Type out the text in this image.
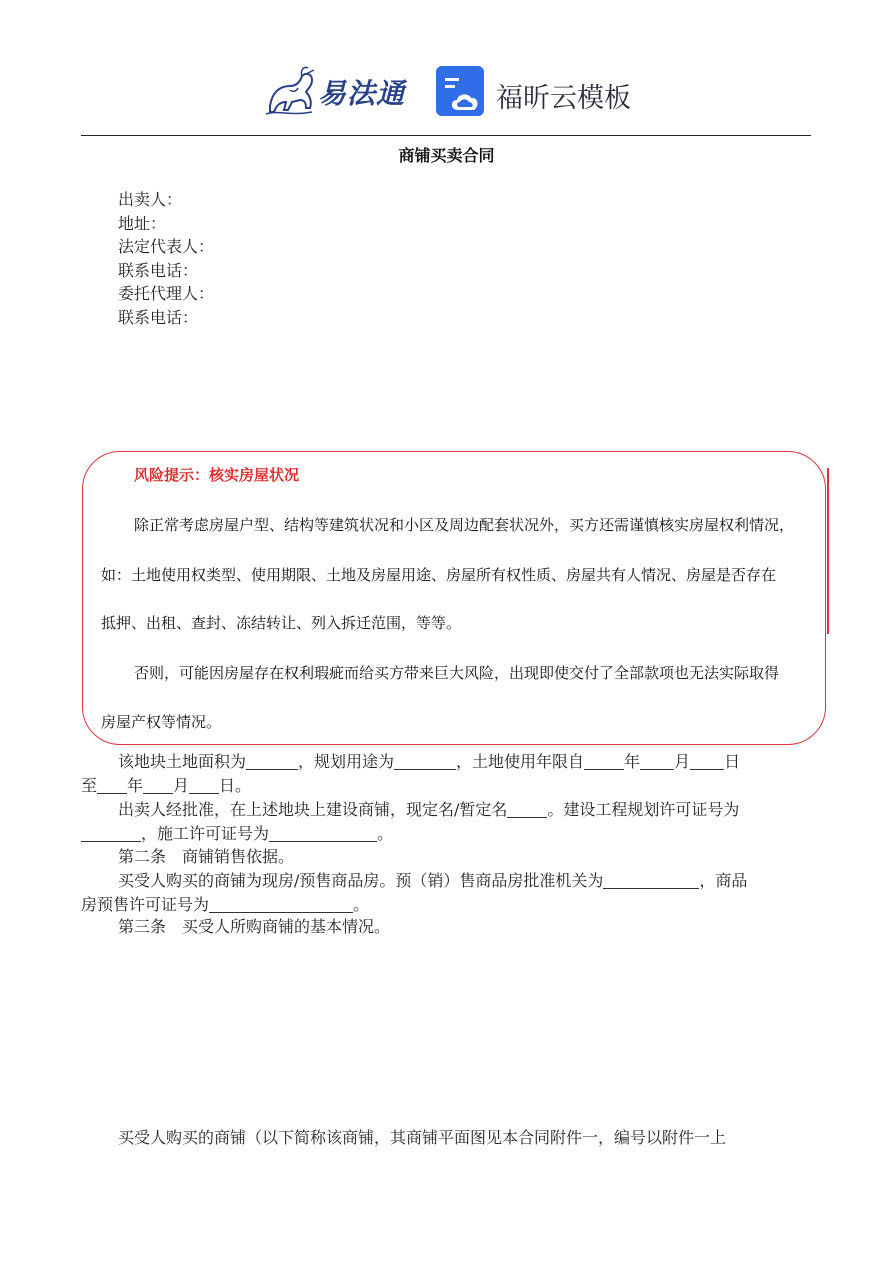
易法通	福昕云模板
商铺买卖合同
出卖人：
地址：
法定代表人：
联系电话：
委托代理人：
联系电话：
风险提示：核实房屋状况
除正常考虑房屋户型、结构等建筑状况和小区及周边配套状况外，买方还需谨慎核实房屋权利情况，
如：土地使用权类型、使用期限、土地及房屋用途、房屋所有权性质、房屋共有人情况、房屋是否存在
抵押、出租、查封、冻结转让、列入拆迁范围，等等。
否则，可能因房屋存在权利瑕疵而给买方带来巨大风险，出现即使交付了全部款项也无法实际取得
房屋产权等情况。

该地块土地面积为	，规划用途为	，土地使用年限自	年 月 日

至 年 月 日。

出卖人经批准，在上述地块上建设商铺，现定名/暂定名	。建设工程规划许可证号为

，施工许可证号为	。

第二条　商铺销售依据。

买受人购买的商铺为现房/预售商品房。预（销）售商品房批准机关为	，商品

房预售许可证号为	。

第三条　买受人所购商铺的基本情况。
买受人购买的商铺（以下简称该商铺，其商铺平面图见本合同附件一，编号以附件一上
